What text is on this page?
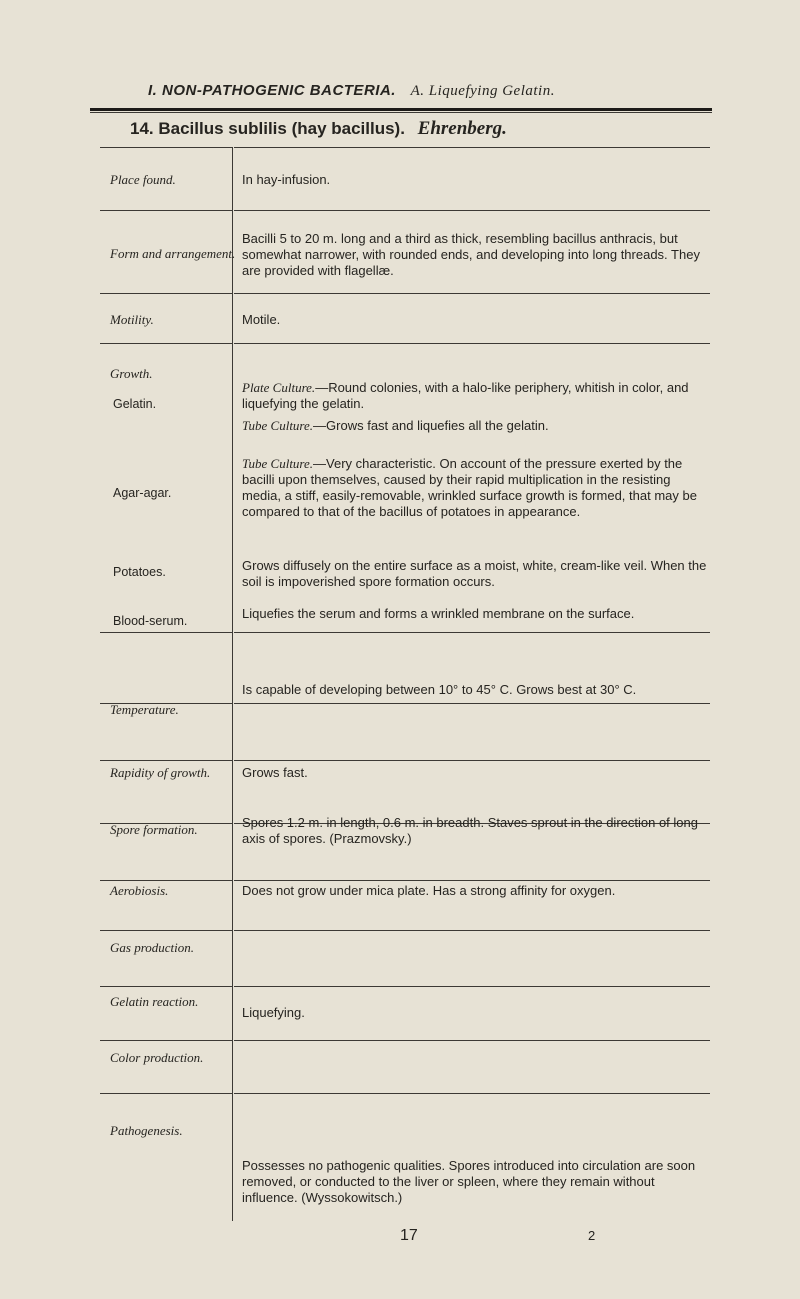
I. NON-PATHOGENIC BACTERIA. A. Liquefying Gelatin.
14. Bacillus sublilis (hay bacillus). Ehrenberg.
Place found.
Form and arrangement.
Motility.
Growth.
Gelatin.
Agar-agar.
Potatoes.
Blood-serum.
Temperature.
Rapidity of growth.
Spore formation.
Aerobiosis.
Gas production.
Gelatin reaction.
Color production.
Pathogenesis.
In hay-infusion.
Bacilli 5 to 20 m. long and a third as thick, resembling bacillus anthracis, but somewhat narrower, with rounded ends, and developing into long threads. They are provided with flagellæ.
Motile.
Plate Culture.—Round colonies, with a halo-like periphery, whitish in color, and liquefying the gelatin.
Tube Culture.—Grows fast and liquefies all the gelatin.
Tube Culture.—Very characteristic. On account of the pressure exerted by the bacilli upon themselves, caused by their rapid multiplication in the resisting media, a stiff, easily-removable, wrinkled surface growth is formed, that may be compared to that of the bacillus of potatoes in appearance.
Grows diffusely on the entire surface as a moist, white, cream-like veil. When the soil is impoverished spore formation occurs.
Liquefies the serum and forms a wrinkled membrane on the surface.
Is capable of developing between 10° to 45° C. Grows best at 30° C.
Grows fast.
Spores 1.2 m. in length, 0.6 m. in breadth. Staves sprout in the direction of long axis of spores. (Prazmovsky.)
Does not grow under mica plate. Has a strong affinity for oxygen.
Liquefying.
Possesses no pathogenic qualities. Spores introduced into circulation are soon removed, or conducted to the liver or spleen, where they remain without influence. (Wyssokowitsch.)
17	2
